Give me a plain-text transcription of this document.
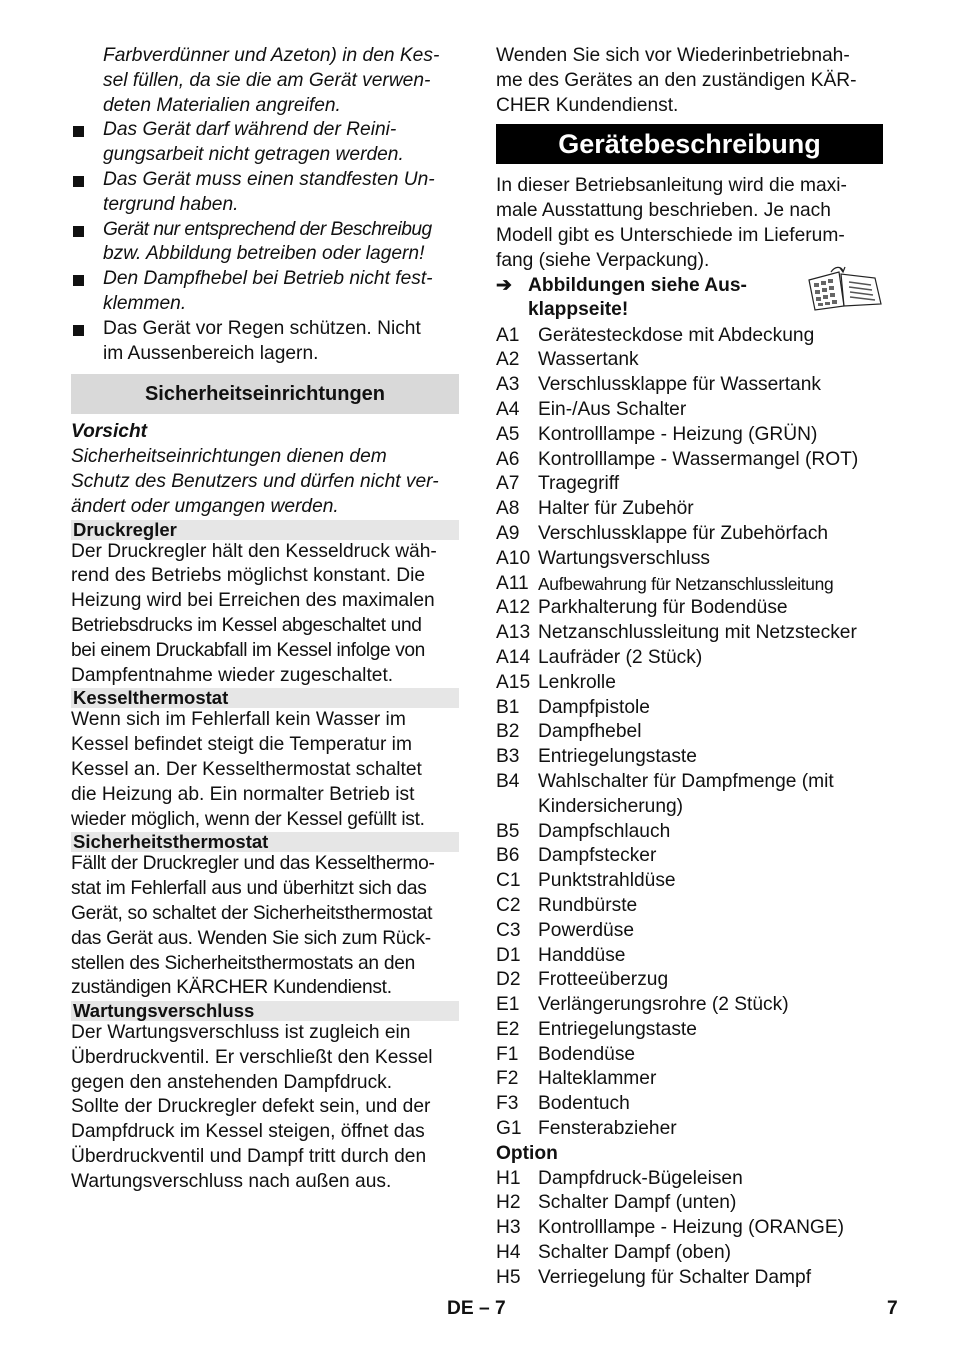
Farbverdünner und Azeton) in den Kes-

sel füllen, da sie die am Gerät verwen-

deten Materialien angreifen.

Das Gerät darf während der Reini-

gungsarbeit nicht getragen werden.

Das Gerät muss einen standfesten Un-

tergrund haben.

Gerät nur entsprechend der Beschreibug

bzw. Abbildung betreiben oder lagern!

Den Dampfhebel bei Betrieb nicht fest-

klemmen.

Das Gerät vor Regen schützen. Nicht

im Aussenbereich lagern.

Sicherheitseinrichtungen

Vorsicht

Sicherheitseinrichtungen dienen dem

Schutz des Benutzers und dürfen nicht ver-

ändert oder umgangen werden.

Druckregler

Der Druckregler hält den Kesseldruck wäh-

rend des Betriebs möglichst konstant. Die

Heizung wird bei Erreichen des maximalen

Betriebsdrucks im Kessel abgeschaltet und

bei einem Druckabfall im Kessel infolge von

Dampfentnahme wieder zugeschaltet.

Kesselthermostat

Wenn sich im Fehlerfall kein Wasser im

Kessel befindet steigt die Temperatur im

Kessel an. Der Kesselthermostat schaltet

die Heizung ab. Ein normalter Betrieb ist

wieder möglich, wenn der Kessel gefüllt ist.

Sicherheitsthermostat

Fällt der Druckregler und das Kesselthermo-

stat im Fehlerfall aus und überhitzt sich das

Gerät, so schaltet der Sicherheitsthermostat

das Gerät aus. Wenden Sie sich zum Rück-

stellen des Sicherheitsthermostats an den

zuständigen KÄRCHER Kundendienst.

Wartungsverschluss

Der Wartungsverschluss ist zugleich ein

Überdruckventil. Er verschließt den Kessel

gegen den anstehenden Dampfdruck.

Sollte der Druckregler defekt sein, und der

Dampfdruck im Kessel steigen, öffnet das

Überdruckventil und Dampf tritt durch den

Wartungsverschluss nach außen aus.

Wenden Sie sich vor Wiederinbetriebnah-

me des Gerätes an den zuständigen KÄR-

CHER Kundendienst.

Gerätebeschreibung

In dieser Betriebsanleitung wird die maxi-

male Ausstattung beschrieben. Je nach

Modell gibt es Unterschiede im Lieferum-

fang (siehe Verpackung).

➔ Abbildungen siehe Aus-
klappseite!
A1 Gerätesteckdose mit Abdeckung
A2 Wassertank
A3 Verschlussklappe für Wassertank
A4 Ein-/Aus Schalter
A5 Kontrolllampe - Heizung (GRÜN)
A6 Kontrolllampe - Wassermangel (ROT)
A7 Tragegriff
A8 Halter für Zubehör
A9 Verschlussklappe für Zubehörfach
A10 Wartungsverschluss
A11 Aufbewahrung für Netzanschlussleitung
A12 Parkhalterung für Bodendüse
A13 Netzanschlussleitung mit Netzstecker
A14 Laufräder (2 Stück)
A15 Lenkrolle
B1 Dampfpistole
B2 Dampfhebel
B3 Entriegelungstaste
B4 Wahlschalter für Dampfmenge (mit Kindersicherung)
B5 Dampfschlauch
B6 Dampfstecker
C1 Punktstrahldüse
C2 Rundbürste
C3 Powerdüse
D1 Handdüse
D2 Frotteeüberzug
E1 Verlängerungsrohre (2 Stück)
E2 Entriegelungstaste
F1	Bodendüse
F2	Halteklammer
F3	Bodentuch
G1 Fensterabzieher

Option

H1 Dampfdruck-Bügeleisen
H2 Schalter Dampf (unten)
H3 Kontrolllampe - Heizung (ORANGE)
H4 Schalter Dampf (oben)
H5 Verriegelung für Schalter Dampf
DE – 7	7
